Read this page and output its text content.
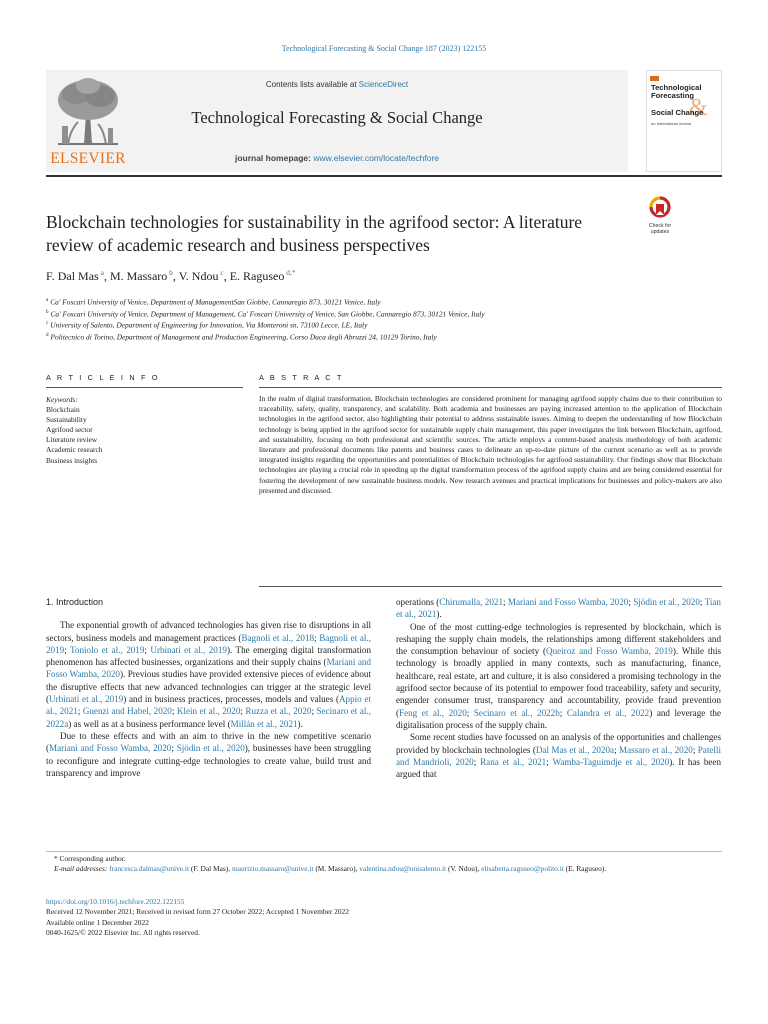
Technological Forecasting & Social Change 187 (2023) 122155
ELSEVIER
Contents lists available at ScienceDirect
Technological Forecasting & Social Change
journal homepage: www.elsevier.com/locate/techfore
&
Technological
Forecasting
Social Change
An International Journal
Blockchain technologies for sustainability in the agrifood sector: A literature review of academic research and business perspectives
Check for updates
F. Dal Mas $^a$, M. Massaro $^b$, V. Ndou $^c$, E. Raguseo $^{d,*}$
$^a$ Ca' Foscari University of Venice, Department of ManagementSan Giobbe, Cannaregio 873, 30121 Venice, Italy
$^b$ Ca' Foscari University of Venice, Department of Management, Ca' Foscari University of Venice, San Giobbe, Cannaregio 873, 30121 Venice, Italy
$^c$ University of Salento, Department of Engineering for Innovation, Via Monteroni sn, 73100 Lecce, LE, Italy
$^d$ Politecnico di Torino, Department of Management and Production Engineering, Corso Duca degli Abruzzi 24, 10129 Torino, Italy
A R T I C L E I N F O	A B S T R A C T
Keywords:
Blockchain
Sustainability
Agrifood sector
Literature review
Academic research
Business insights
In the realm of digital transformation, Blockchain technologies are considered prominent for managing agrifood supply chains due to their contribution to traceability, safety, quality, transparency, and scalability. Both academia and businesses are paying increased attention to the application of Blockchain technologies in the agrifood sector, also highlighting their potential to address sustainable issues. Aiming to deepen the understanding of how Blockchain technology is being applied in the agrifood sector for sustainable supply chain management, this paper investigates the link between Blockchain, agrifood, and sustainability, focusing on both professional and scientific sources. The article employs a content-based analysis methodology of both academic literature and professional documents like patents and business cases to delineate an up-to-date picture of the current scenario as well as to provide integrated insights regarding the opportunities and potentialities of Blockchain technologies for agrifood sustainability. Our findings show that Blockchain technologies are playing a crucial role in speeding up the digital transformation process of the agrifood supply chains and are being considered essential for fostering the development of new sustainable business models. New research avenues and practical implications for businesses and policy-makers are also presented and discussed.

1. Introduction

The exponential growth of advanced technologies has given rise to disruptions in all sectors, business models and management practices (Bagnoli et al., 2018; Bagnoli et al., 2019; Toniolo et al., 2019; Urbinati et al., 2019). The emerging digital transformation phenomenon has affected businesses, organizations and their supply chains (Mariani and Fosso Wamba, 2020). Previous studies have provided extensive pieces of evidence about the disruptive effects that new advanced technologies can trigger at the strategic level (Urbinati et al., 2019) and in business practices, processes, models and values (Appio et al., 2021; Guenzi and Habel, 2020; Klein et al., 2020; Ruzza et al., 2020; Secinaro et al., 2022a) as well as at a business performance level (Millán et al., 2021).

Due to these effects and with an aim to thrive in the new competitive scenario (Mariani and Fosso Wamba, 2020; Sjödin et al., 2020), businesses have been struggling to reconfigure and integrate cutting-edge technologies to create value, build trust and transparency and improve

operations (Chirumalla, 2021; Mariani and Fosso Wamba, 2020; Sjödin et al., 2020; Tian et al., 2021).

One of the most cutting-edge technologies is represented by blockchain, which is reshaping the supply chain models, the relationships among different stakeholders and the consumption behaviour of society (Queiroz and Fosso Wamba, 2019). While this technology is broadly applied in many contexts, such as manufacturing, finance, healthcare, real estate, art and culture, it is also considered a promising technology in the agrifood sector because of its potential to empower food traceability, safety and security, engender consumer trust, transparency and accountability, provide fraud prevention (Feng et al., 2020; Secinaro et al., 2022b; Calandra et al., 2022) and leverage the digitalisation process of the supply chain.

Some recent studies have focussed on an analysis of the opportunities and challenges provided by blockchain technologies (Dal Mas et al., 2020a; Massaro et al., 2020; Patelli and Mandrioli, 2020; Rana et al., 2021; Wamba-Taguimdje et al., 2020). It has been argued that

* Corresponding author.
E-mail addresses: francesca.dalmas@unive.it (F. Dal Mas), maurizio.massaro@unive.it (M. Massaro), valentina.ndou@unisalento.it (V. Ndou), elisabetta.raguseo@polito.it (E. Raguseo).
https://doi.org/10.1016/j.techfore.2022.122155
Received 12 November 2021; Received in revised form 27 October 2022; Accepted 1 November 2022
Available online 1 December 2022
0040-1625/© 2022 Elsevier Inc. All rights reserved.
